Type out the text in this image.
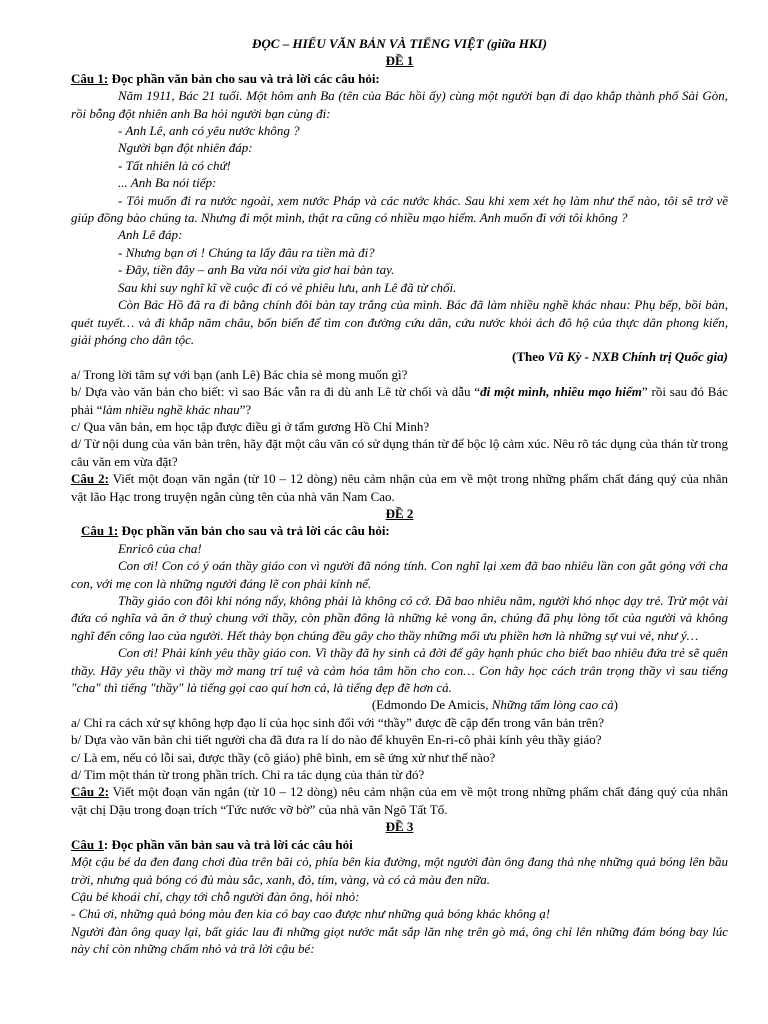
ĐỌC – HIỂU VĂN BẢN VÀ TIẾNG VIỆT (giữa HKI)

ĐỀ 1

Câu 1: Đọc phần văn bản cho sau và trả lời các câu hỏi:

Năm 1911, Bác 21 tuổi. Một hôm anh Ba (tên của Bác hồi ấy) cùng một người bạn đi dạo khắp thành phố Sài Gòn, rồi bỗng đột nhiên anh Ba hỏi người bạn cùng đi:

- Anh Lê, anh có yêu nước không ?

Người bạn đột nhiên đáp:

- Tất nhiên là có chứ!

... Anh Ba nói tiếp:

- Tôi muốn đi ra nước ngoài, xem nước Pháp và các nước khác. Sau khi xem xét họ làm như thế nào, tôi sẽ trở về giúp đồng bào chúng ta. Nhưng đi một mình, thật ra cũng có nhiều mạo hiểm. Anh muốn đi với tôi không ?

Anh Lê đáp:

- Nhưng bạn ơi ! Chúng ta lấy đâu ra tiền mà đi?

- Đây, tiền đây – anh Ba vừa nói vừa giơ hai bàn tay.

Sau khi suy nghĩ kĩ về cuộc đi có vẻ phiêu lưu, anh Lê đã từ chối.

Còn Bác Hồ đã ra đi bằng chính đôi bàn tay trắng của mình. Bác đã làm nhiều nghề khác nhau: Phụ bếp, bồi bàn, quét tuyết… và đi khắp năm châu, bốn biển để tìm con đường cứu dân, cứu nước khỏi ách đô hộ của thực dân phong kiến, giải phóng cho dân tộc.

(Theo Vũ Kỳ - NXB Chính trị Quốc gia)

a/ Trong lời tâm sự với bạn (anh Lê) Bác chia sẻ mong muốn gì?

b/ Dựa vào văn bản cho biết: vì sao Bác vẫn ra đi dù anh Lê từ chối và dẫu “đi một mình, nhiều mạo hiểm” rồi sau đó Bác phải “làm nhiều nghề khác nhau”?

c/ Qua văn bản, em học tập được điều gì ở tấm gương Hồ Chí Minh?

d/ Từ nội dung của văn bản trên, hãy đặt một câu văn có sử dụng thán từ để bộc lộ cảm xúc. Nêu rõ tác dụng của thán từ trong câu văn em vừa đặt?

Câu 2: Viết một đoạn văn ngắn (từ 10 – 12 dòng) nêu cảm nhận của em về một trong những phẩm chất đáng quý của nhân vật lão Hạc trong truyện ngắn cùng tên của nhà văn Nam Cao.

ĐỀ 2

Câu 1: Đọc phần văn bản cho sau và trả lời các câu hỏi:

Enricô của cha!

Con ơi! Con có ý oán thầy giáo con vì người đã nóng tính. Con nghĩ lại xem đã bao nhiêu lần con gắt gỏng với cha con, với mẹ con là những người đáng lẽ con phải kính nể.

Thầy giáo con đôi khi nóng nẩy, không phải là không có cớ. Đã bao nhiêu năm, người khó nhọc dạy trẻ. Trừ một vài đứa có nghĩa và ăn ở thuỷ chung với thầy, còn phần đông là những kẻ vong ân, chúng đã phụ lòng tốt của người và không nghĩ đến công lao của người. Hết thảy bọn chúng đều gây cho thầy những mối ưu phiền hơn là những sự vui vẻ, như ý…

Con ơi! Phải kính yêu thầy giáo con. Vì thầy đã hy sinh cả đời để gây hạnh phúc cho biết bao nhiêu đứa trẻ sẽ quên thầy. Hãy yêu thầy vì thầy mở mang trí tuệ và cảm hóa tâm hồn cho con… Con hãy học cách trân trọng thầy vì sau tiếng "cha" thì tiếng "thầy" là tiếng gọi cao quí hơn cả, là tiếng đẹp đẽ hơn cả.

(Edmondo De Amicis, Những tấm lòng cao cả)

a/ Chỉ ra cách xử sự không hợp đạo lí của học sinh đối với “thầy” được đề cập đến trong văn bản trên?

b/ Dựa vào văn bản chi tiết người cha đã đưa ra lí do nào để khuyên En-ri-cô phải kính yêu thầy giáo?

c/ Là em, nếu có lỗi sai, được thầy (cô giáo) phê bình, em sẽ ứng xử như thế nào?

d/ Tìm một thán từ trong phần trích. Chỉ ra tác dụng của thán từ đó?

Câu 2: Viết một đoạn văn ngắn (từ 10 – 12 dòng) nêu cảm nhận của em về một trong những phẩm chất đáng quý của nhân vật chị Dậu trong đoạn trích “Tức nước vỡ bờ” của nhà văn Ngô Tất Tố.

ĐỀ 3

Câu 1: Đọc phần văn bản sau và trả lời các câu hỏi

Một cậu bé da đen đang chơi đùa trên bãi cỏ, phía bên kia đường, một người đàn ông đang thả nhẹ những quả bóng lên bầu trời, nhưng quả bóng có đủ màu sắc, xanh, đỏ, tím, vàng, và có cả màu đen nữa.

Cậu bé khoái chí, chạy tới chỗ người đàn ông, hỏi nhỏ:

- Chú ơi, những quả bóng màu đen kia có bay cao được như những quả bóng khác không ạ!

Người đàn ông quay lại, bất giác lau đi những giọt nước mắt sắp lăn nhẹ trên gò má, ông chỉ lên những đám bóng bay lúc này chỉ còn những chấm nhỏ và trả lời cậu bé:
